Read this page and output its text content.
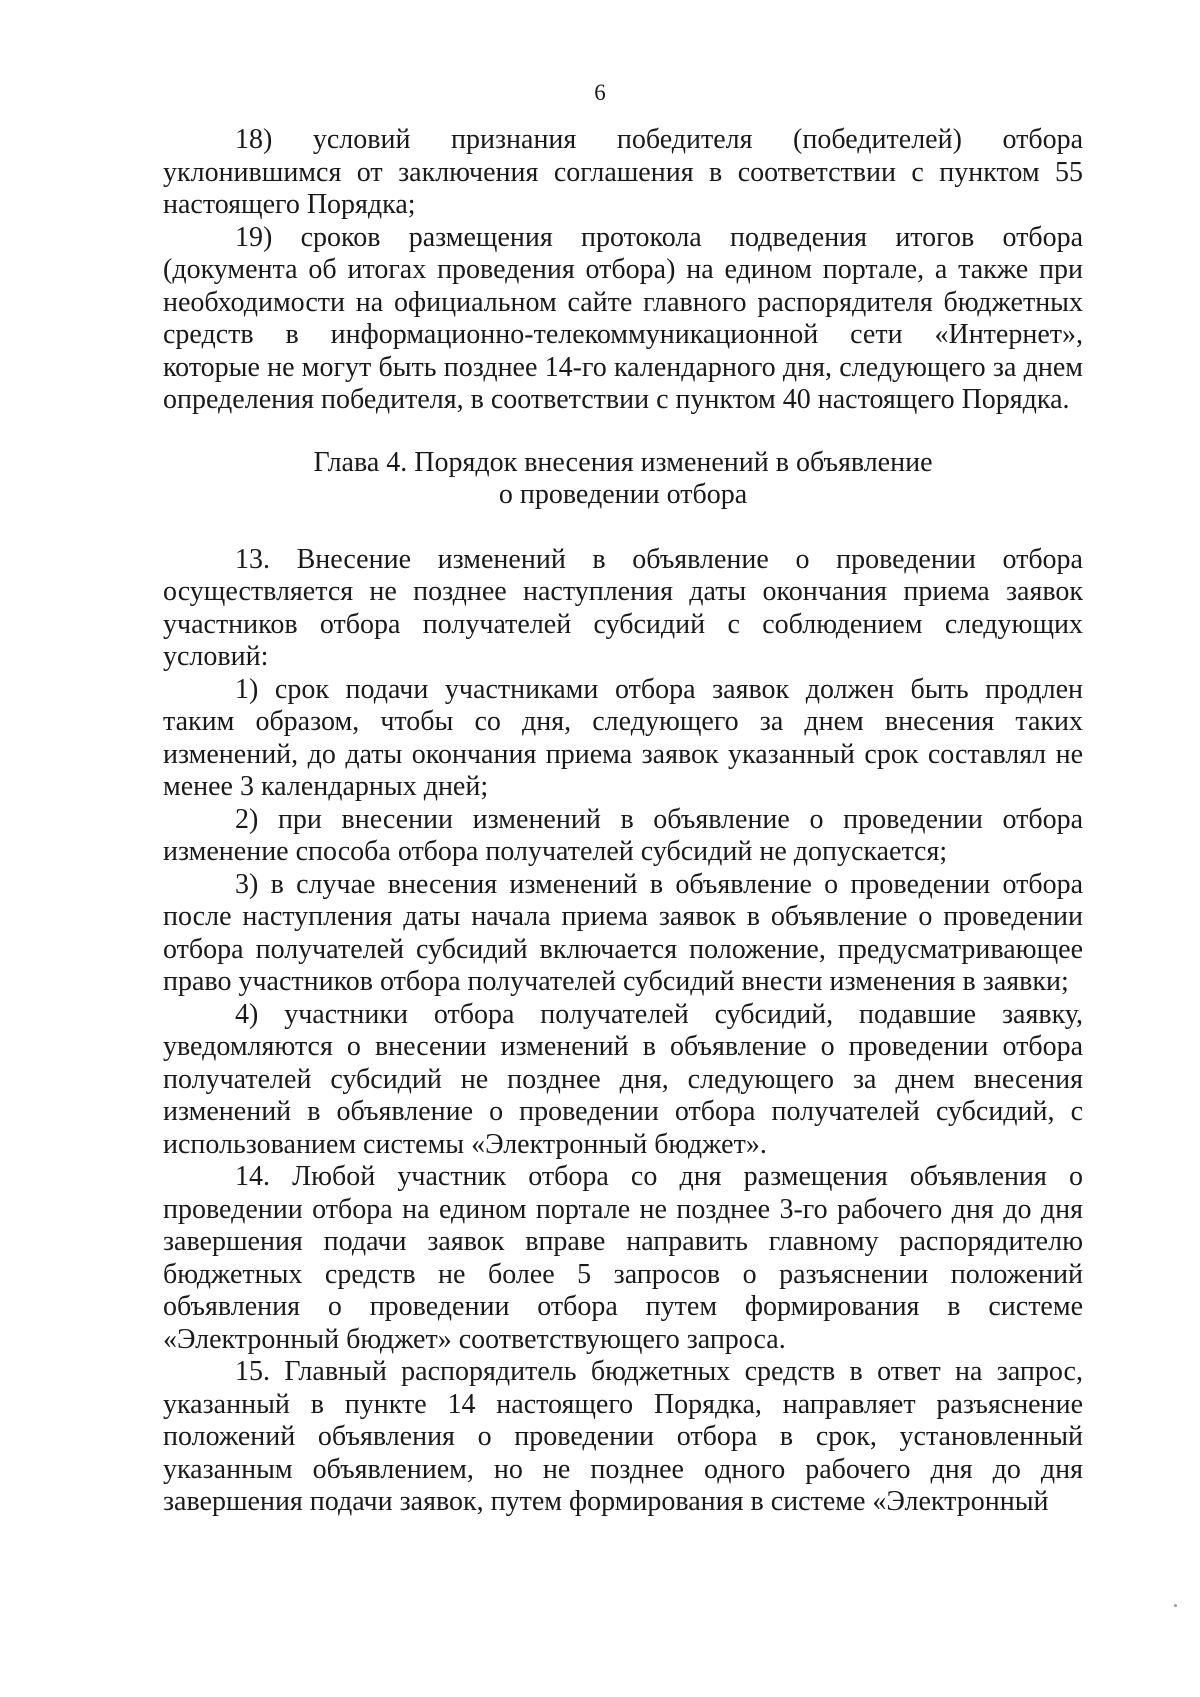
6

18) условий признания победителя (победителей) отбора уклонившимся от заключения соглашения в соответствии с пунктом 55 настоящего Порядка;

19) сроков размещения протокола подведения итогов отбора (документа об итогах проведения отбора) на едином портале, а также при необходимости на официальном сайте главного распорядителя бюджетных средств в информационно-телекоммуникационной сети «Интернет», которые не могут быть позднее 14-го календарного дня, следующего за днем определения победителя, в соответствии с пунктом 40 настоящего Порядка.

Глава 4. Порядок внесения изменений в объявление
о проведении отбора

13. Внесение изменений в объявление о проведении отбора осуществляется не позднее наступления даты окончания приема заявок участников отбора получателей субсидий с соблюдением следующих условий:

1) срок подачи участниками отбора заявок должен быть продлен таким образом, чтобы со дня, следующего за днем внесения таких изменений, до даты окончания приема заявок указанный срок составлял не менее 3 календарных дней;

2) при внесении изменений в объявление о проведении отбора изменение способа отбора получателей субсидий не допускается;

3) в случае внесения изменений в объявление о проведении отбора после наступления даты начала приема заявок в объявление о проведении отбора получателей субсидий включается положение, предусматривающее право участников отбора получателей субсидий внести изменения в заявки;

4) участники отбора получателей субсидий, подавшие заявку, уведомляются о внесении изменений в объявление о проведении отбора получателей субсидий не позднее дня, следующего за днем внесения изменений в объявление о проведении отбора получателей субсидий, с использованием системы «Электронный бюджет».

14. Любой участник отбора со дня размещения объявления о проведении отбора на едином портале не позднее 3-го рабочего дня до дня завершения подачи заявок вправе направить главному распорядителю бюджетных средств не более 5 запросов о разъяснении положений объявления о проведении отбора путем формирования в системе «Электронный бюджет» соответствующего запроса.

15. Главный распорядитель бюджетных средств в ответ на запрос, указанный в пункте 14 настоящего Порядка, направляет разъяснение положений объявления о проведении отбора в срок, установленный указанным объявлением, но не позднее одного рабочего дня до дня завершения подачи заявок, путем формирования в системе «Электронный
